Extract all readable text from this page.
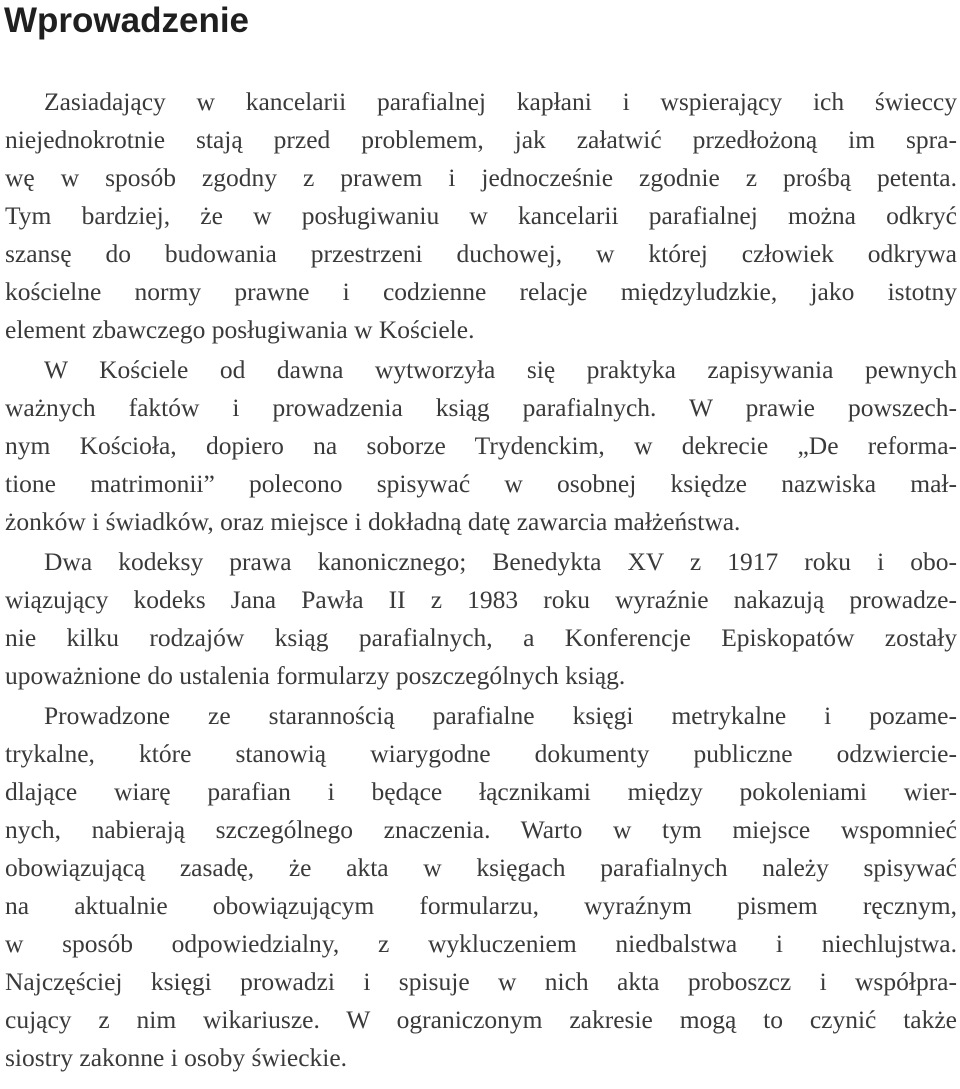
Wprowadzenie
Zasiadający w kancelarii parafialnej kapłani i wspierający ich świeccy
niejednokrotnie stają przed problemem, jak załatwić przedłożoną im spra-
wę w sposób zgodny z prawem i jednocześnie zgodnie z prośbą petenta.
Tym bardziej, że w posługiwaniu w kancelarii parafialnej można odkryć
szansę do budowania przestrzeni duchowej, w której człowiek odkrywa
kościelne normy prawne i codzienne relacje międzyludzkie, jako istotny
element zbawczego posługiwania w Kościele.
W Kościele od dawna wytworzyła się praktyka zapisywania pewnych
ważnych faktów i prowadzenia ksiąg parafialnych. W prawie powszech-
nym Kościoła, dopiero na soborze Trydenckim, w dekrecie „De reforma-
tione matrimonii” polecono spisywać w osobnej księdze nazwiska mał-
żonków i świadków, oraz miejsce i dokładną datę zawarcia małżeństwa.
Dwa kodeksy prawa kanonicznego; Benedykta XV z 1917 roku i obo-
wiązujący kodeks Jana Pawła II z 1983 roku wyraźnie nakazują prowadze-
nie kilku rodzajów ksiąg parafialnych, a Konferencje Episkopatów zostały
upoważnione do ustalenia formularzy poszczególnych ksiąg.
Prowadzone ze starannością parafialne księgi metrykalne i pozame-
trykalne, które stanowią wiarygodne dokumenty publiczne odzwiercie-
dlające wiarę parafian i będące łącznikami między pokoleniami wier-
nych, nabierają szczególnego znaczenia. Warto w tym miejsce wspomnieć
obowiązującą zasadę, że akta w księgach parafialnych należy spisywać
na aktualnie obowiązującym formularzu, wyraźnym pismem ręcznym,
w sposób odpowiedzialny, z wykluczeniem niedbalstwa i niechlujstwa.
Najczęściej księgi prowadzi i spisuje w nich akta proboszcz i współpra-
cujący z nim wikariusze. W ograniczonym zakresie mogą to czynić także
siostry zakonne i osoby świeckie.
